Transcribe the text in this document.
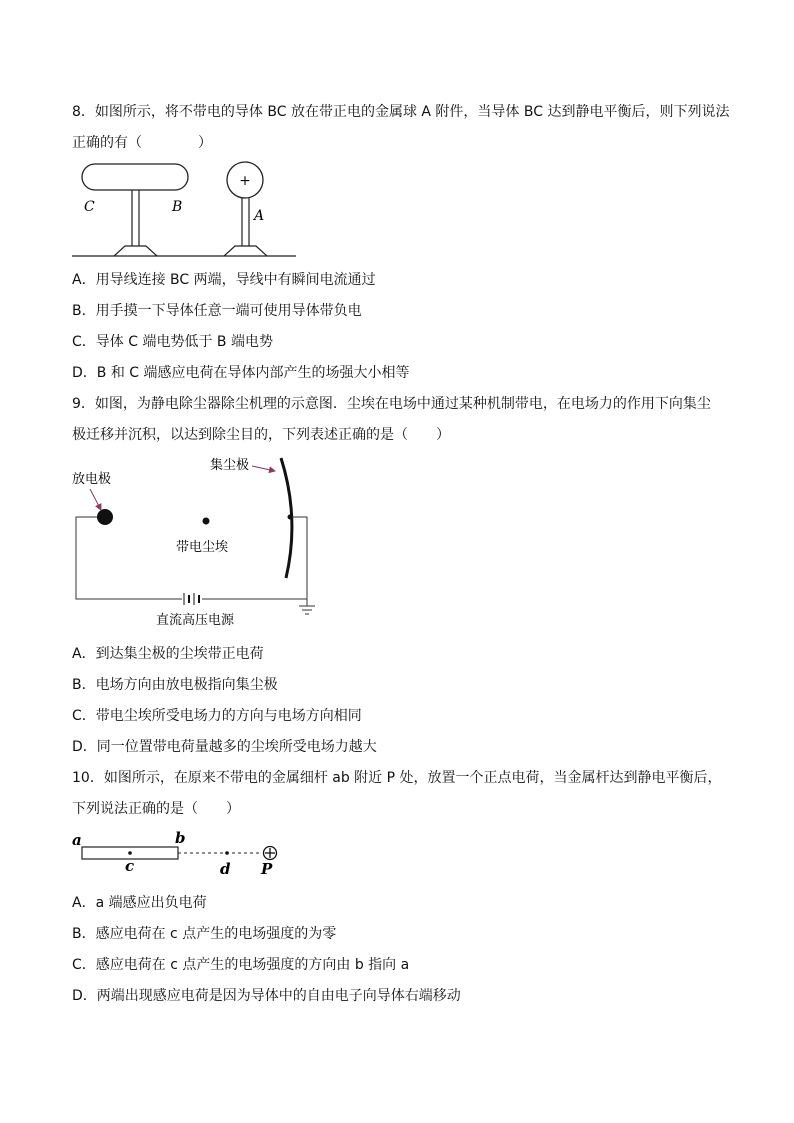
8．如图所示，将不带电的导体 BC 放在带正电的金属球 A 附件，当导体 BC 达到静电平衡后，则下列说法
正确的有（　　　　）
+
C	B
A
A．用导线连接 BC 两端，导线中有瞬间电流通过
B．用手摸一下导体任意一端可使用导体带负电
C．导体 C 端电势低于 B 端电势
D．B 和 C 端感应电荷在导体内部产生的场强大小相等
9．如图，为静电除尘器除尘机理的示意图．尘埃在电场中通过某种机制带电，在电场力的作用下向集尘
极迁移并沉积，以达到除尘目的，下列表述正确的是（　　）
放电极
集尘极
带电尘埃
直流高压电源
A．到达集尘极的尘埃带正电荷
B．电场方向由放电极指向集尘极
C．带电尘埃所受电场力的方向与电场方向相同
D．同一位置带电荷量越多的尘埃所受电场力越大
10．如图所示，在原来不带电的金属细杆 ab 附近 P 处，放置一个正点电荷，当金属杆达到静电平衡后，
下列说法正确的是（　　）
a	b
c	d P
A．a 端感应出负电荷
B．感应电荷在 c 点产生的电场强度的为零
C．感应电荷在 c 点产生的电场强度的方向由 b 指向 a
D．两端出现感应电荷是因为导体中的自由电子向导体右端移动
